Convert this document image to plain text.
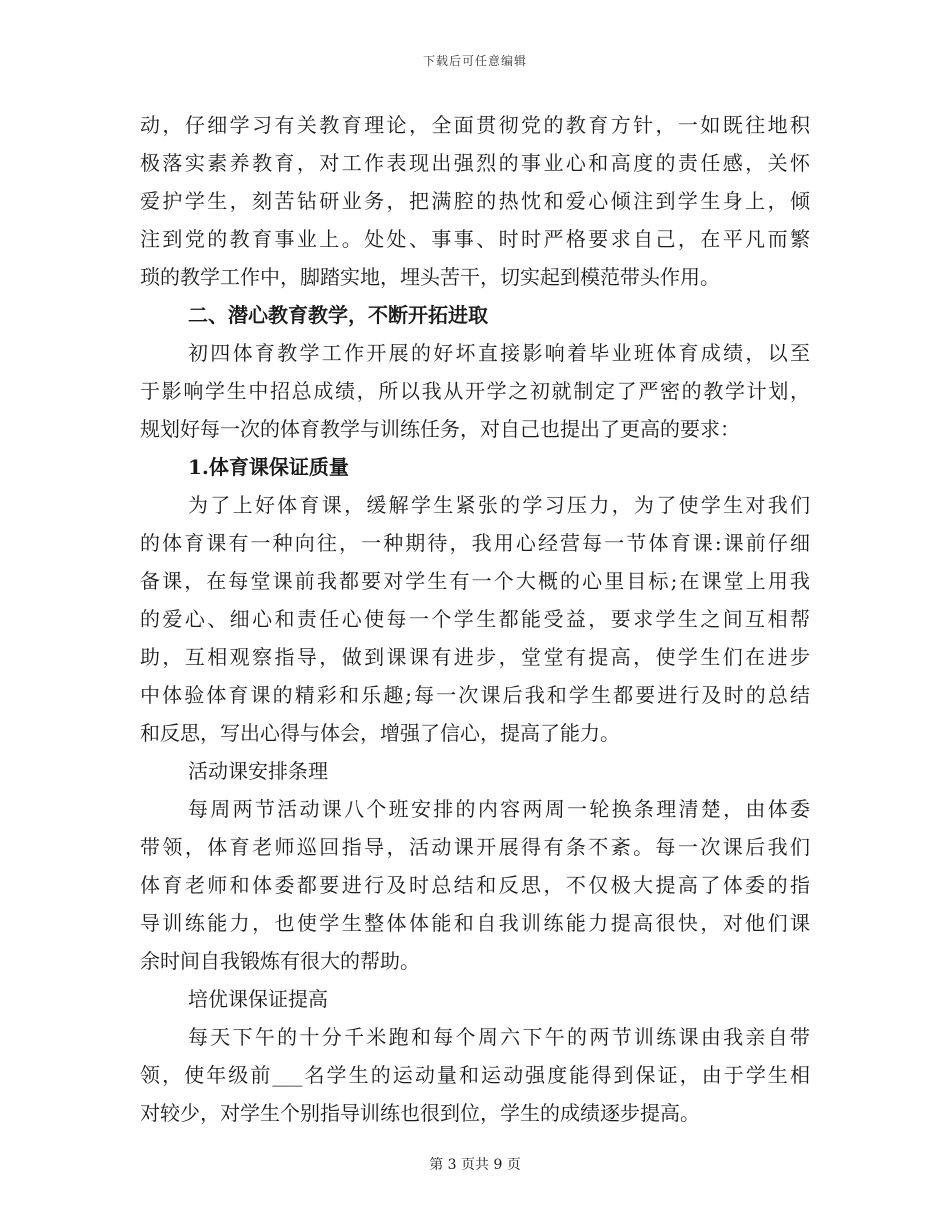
下载后可任意编辑
动，仔细学习有关教育理论，全面贯彻党的教育方针，一如既往地积
极落实素养教育，对工作表现出强烈的事业心和高度的责任感，关怀
爱护学生，刻苦钻研业务，把满腔的热忱和爱心倾注到学生身上，倾
注到党的教育事业上。处处、事事、时时严格要求自己，在平凡而繁
琐的教学工作中，脚踏实地，埋头苦干，切实起到模范带头作用。
二、潜心教育教学，不断开拓进取
初四体育教学工作开展的好坏直接影响着毕业班体育成绩，以至
于影响学生中招总成绩，所以我从开学之初就制定了严密的教学计划，
规划好每一次的体育教学与训练任务，对自己也提出了更高的要求：
1.体育课保证质量
为了上好体育课，缓解学生紧张的学习压力，为了使学生对我们
的体育课有一种向往，一种期待，我用心经营每一节体育课:课前仔细
备课，在每堂课前我都要对学生有一个大概的心里目标;在课堂上用我
的爱心、细心和责任心使每一个学生都能受益，要求学生之间互相帮
助，互相观察指导，做到课课有进步，堂堂有提高，使学生们在进步
中体验体育课的精彩和乐趣;每一次课后我和学生都要进行及时的总结
和反思，写出心得与体会，增强了信心，提高了能力。
活动课安排条理
每周两节活动课八个班安排的内容两周一轮换条理清楚，由体委
带领，体育老师巡回指导，活动课开展得有条不紊。每一次课后我们
体育老师和体委都要进行及时总结和反思，不仅极大提高了体委的指
导训练能力，也使学生整体体能和自我训练能力提高很快，对他们课
余时间自我锻炼有很大的帮助。
培优课保证提高
每天下午的十分千米跑和每个周六下午的两节训练课由我亲自带
领，使年级前___名学生的运动量和运动强度能得到保证，由于学生相
对较少，对学生个别指导训练也很到位，学生的成绩逐步提高。
第 3 页共 9 页
